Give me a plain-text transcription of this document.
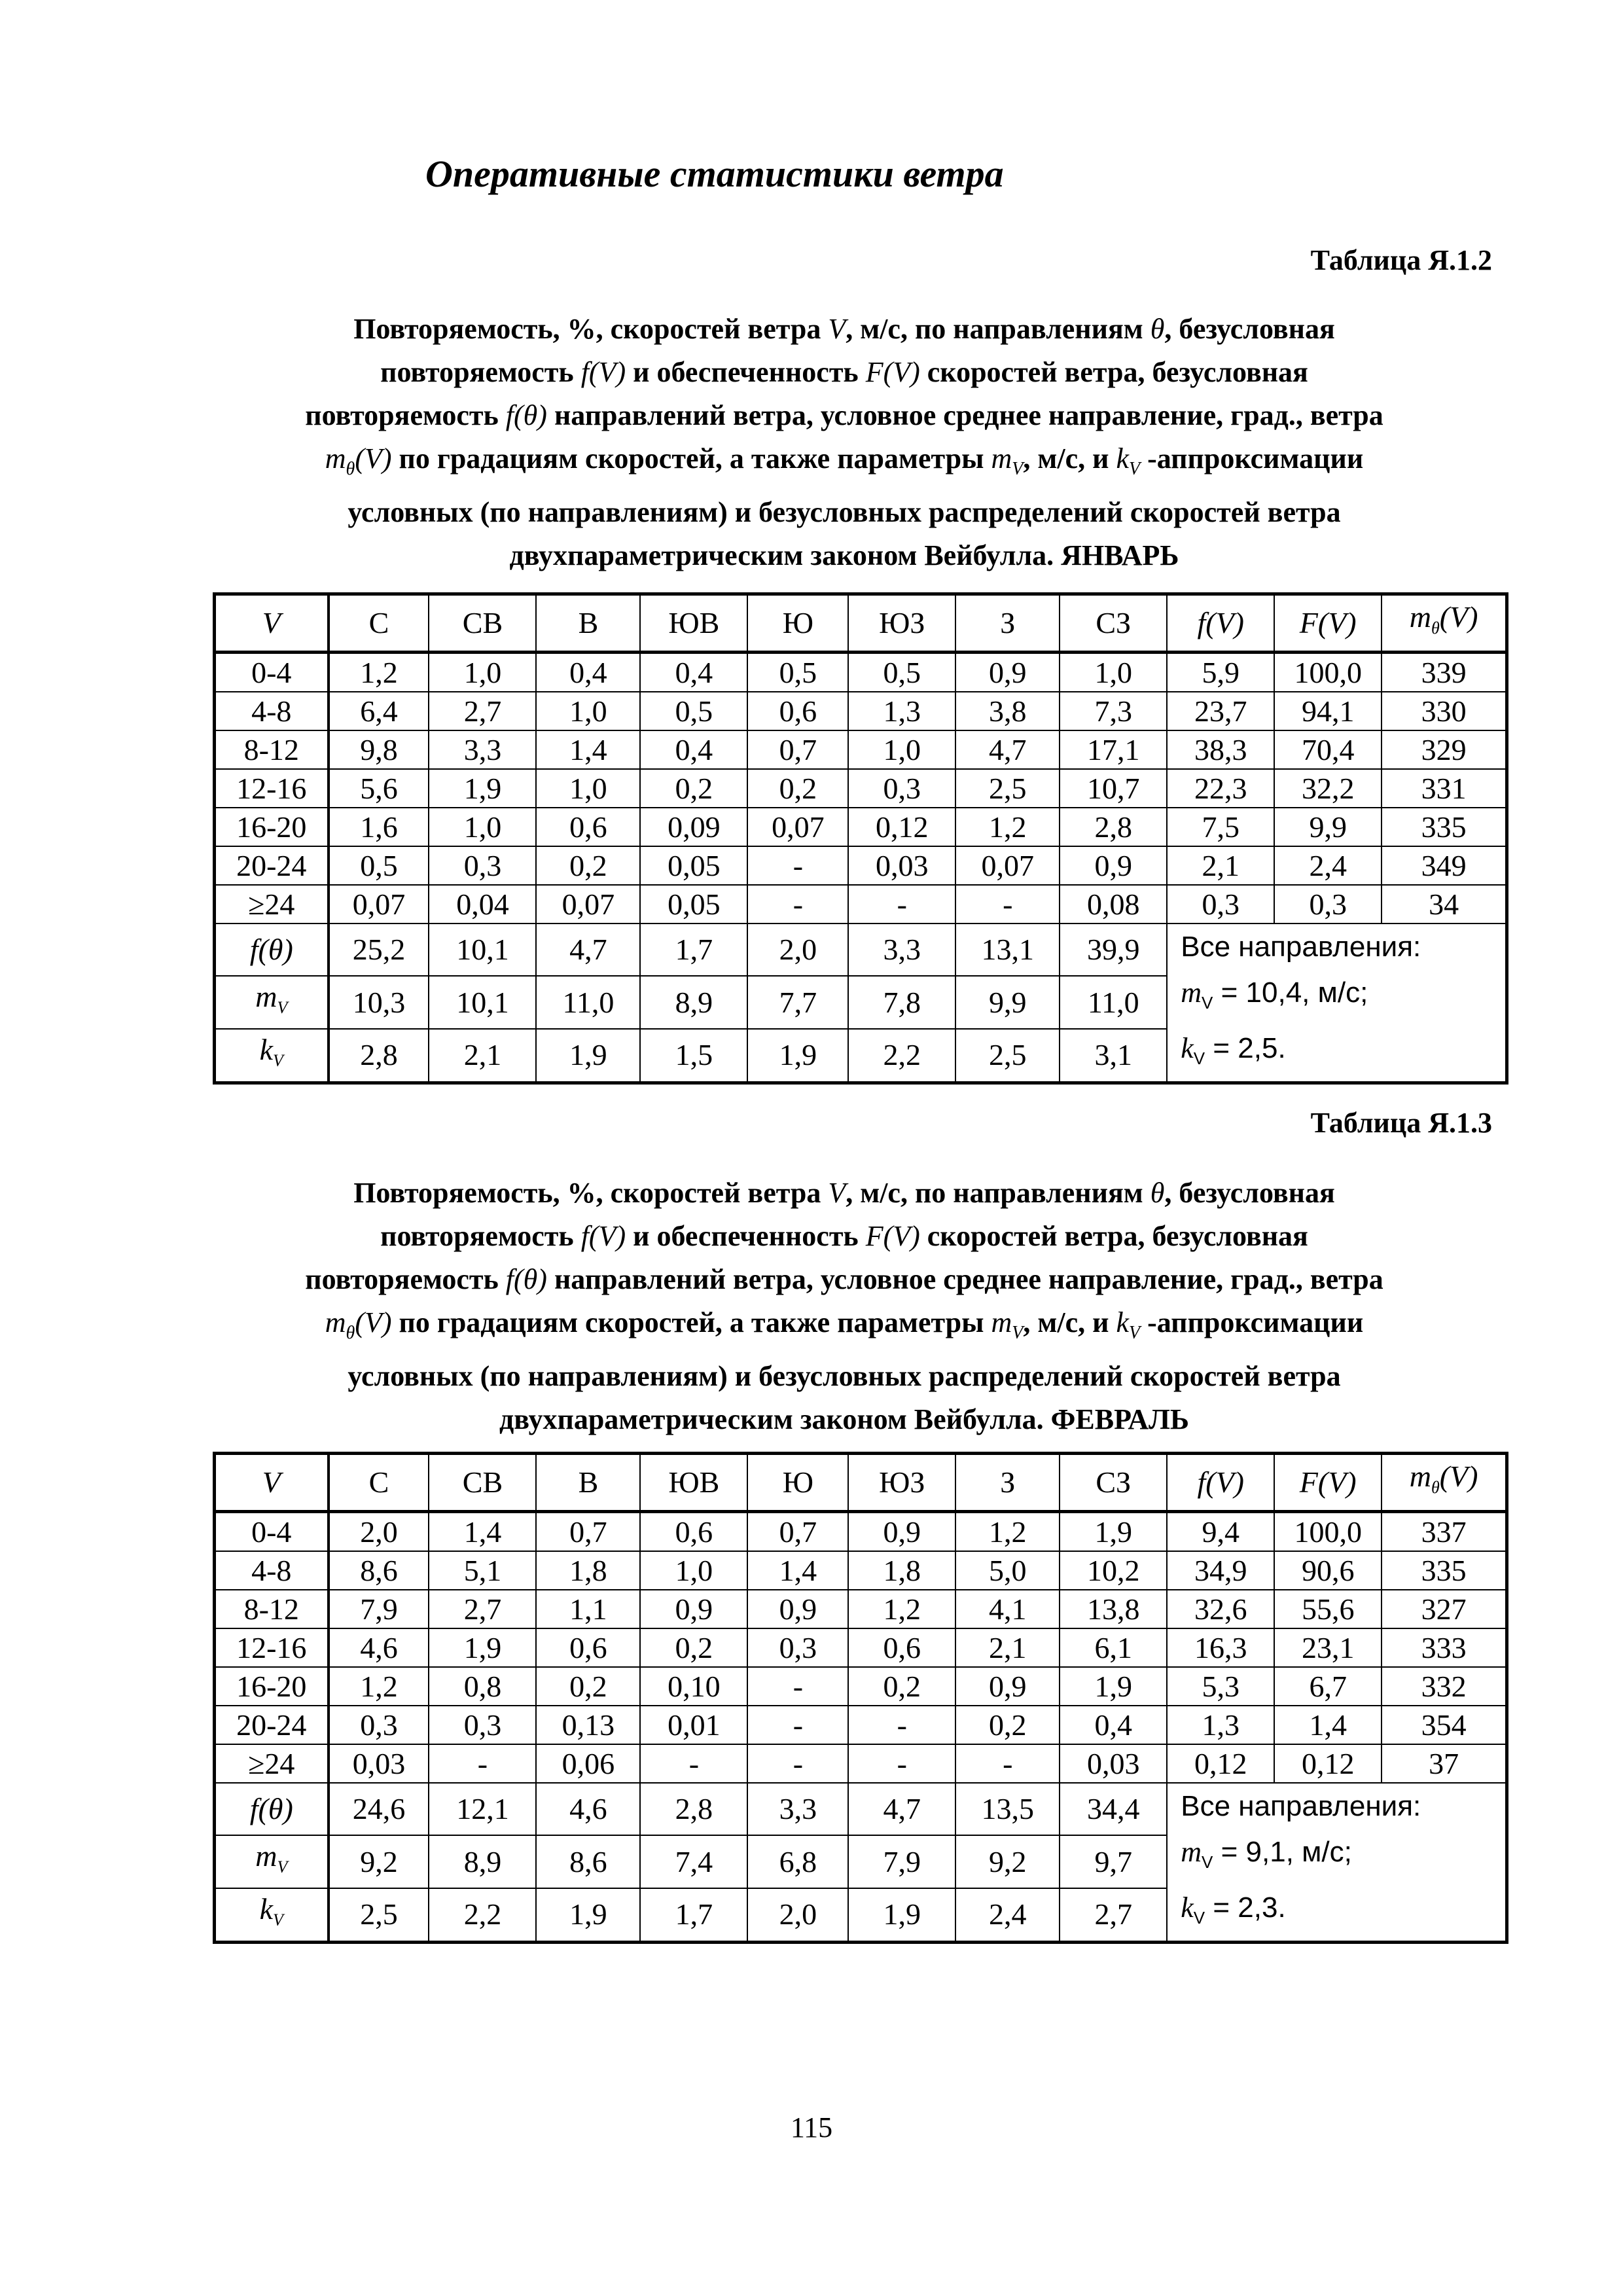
Оперативные статистики ветра
Таблица Я.1.2
Повторяемость, %, скоростей ветра V, м/с, по направлениям θ, безусловная
повторяемость f(V) и обеспеченность F(V) скоростей ветра, безусловная
повторяемость f(θ) направлений ветра, условное среднее направление, град., ветра
$m_\theta(V)$ по градациям скоростей, а также параметры $m_V$, м/с, и $k_V$ -аппроксимации
условных (по направлениям) и безусловных распределений скоростей ветра
двухпараметрическим законом Вейбулла. ЯНВАРЬ
V	С	СВ	В	ЮВ	Ю	ЮЗ	З	СЗ	f(V)	F(V)	$m_\theta(V)$
0-4	1,2	1,0	0,4	0,4	0,5	0,5	0,9	1,0	5,9	100,0	339
4-8	6,4	2,7	1,0	0,5	0,6	1,3	3,8	7,3	23,7	94,1	330
8-12	9,8	3,3	1,4	0,4	0,7	1,0	4,7	17,1	38,3	70,4	329
12-16	5,6	1,9	1,0	0,2	0,2	0,3	2,5	10,7	22,3	32,2	331
16-20	1,6	1,0	0,6	0,09	0,07	0,12	1,2	2,8	7,5	9,9	335
20-24	0,5	0,3	0,2	0,05	-	0,03	0,07	0,9	2,1	2,4	349
≥24	0,07	0,04	0,07	0,05	-	-	-	0,08	0,3	0,3	34
f(θ)	25,2	10,1	4,7	1,7	2,0	3,3	13,1	39,9	Все направления:
$m_V = 10,4$, м/с;
$k_V = 2,5$.		

$m_V$	10,3	10,1	11,0	8,9	7,7	7,8	9,9	11,0			
$k_V$	2,8	2,1	1,9	1,5	1,9	2,2	2,5	3,1			
Таблица Я.1.3
Повторяемость, %, скоростей ветра V, м/с, по направлениям θ, безусловная
повторяемость f(V) и обеспеченность F(V) скоростей ветра, безусловная
повторяемость f(θ) направлений ветра, условное среднее направление, град., ветра
$m_\theta(V)$ по градациям скоростей, а также параметры $m_V$, м/с, и $k_V$ -аппроксимации
условных (по направлениям) и безусловных распределений скоростей ветра
двухпараметрическим законом Вейбулла. ФЕВРАЛЬ
V	С	СВ	В	ЮВ	Ю	ЮЗ	З	СЗ	f(V)	F(V)	$m_\theta(V)$
0-4	2,0	1,4	0,7	0,6	0,7	0,9	1,2	1,9	9,4	100,0	337
4-8	8,6	5,1	1,8	1,0	1,4	1,8	5,0	10,2	34,9	90,6	335
8-12	7,9	2,7	1,1	0,9	0,9	1,2	4,1	13,8	32,6	55,6	327
12-16	4,6	1,9	0,6	0,2	0,3	0,6	2,1	6,1	16,3	23,1	333
16-20	1,2	0,8	0,2	0,10	-	0,2	0,9	1,9	5,3	6,7	332
20-24	0,3	0,3	0,13	0,01	-	-	0,2	0,4	1,3	1,4	354
≥24	0,03	-	0,06	-	-	-	-	0,03	0,12	0,12	37
f(θ)	24,6	12,1	4,6	2,8	3,3	4,7	13,5	34,4	Все направления:
$m_V = 9,1$, м/с;
$k_V = 2,3$.		

$m_V$	9,2	8,9	8,6	7,4	6,8	7,9	9,2	9,7			
$k_V$	2,5	2,2	1,9	1,7	2,0	1,9	2,4	2,7			
115
